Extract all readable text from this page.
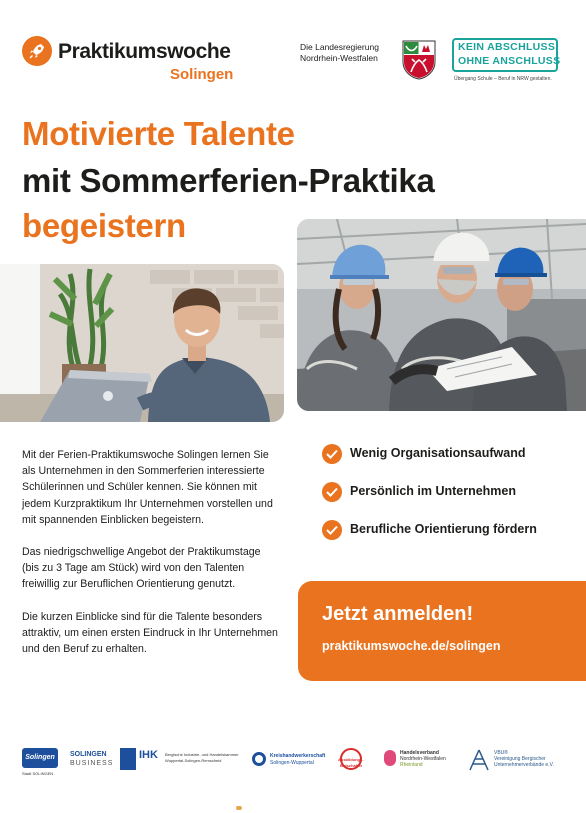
Praktikumswoche
Solingen
Die Landesregierung
Nordrhein-Westfalen
KEIN ABSCHLUSS
OHNE ANSCHLUSS
Übergang Schule – Beruf in NRW gestalten.
Motivierte Talente
mit Sommerferien-Praktika
begeistern

Mit der Ferien-Praktikumswoche Solingen lernen Sie als Unternehmen in den Sommerferien interessierte Schülerinnen und Schüler kennen. Sie können mit jedem Kurzpraktikum Ihr Unternehmen vorstellen und mit spannenden Einblicken begeistern.

Das niedrigschwellige Angebot der Praktikumstage (bis zu 3 Tage am Stück) wird von den Talenten freiwillig zur Beruflichen Orientierung genutzt.

Die kurzen Einblicke sind für die Talente besonders attraktiv, um einen ersten Eindruck in Ihr Unternehmen und den Beruf zu erhalten.

Wenig Organisationsaufwand
Persönlich im Unternehmen
Berufliche Orientierung fördern
Jetzt anmelden!
praktikumswoche.de/solingen
Solingen
Stadt SOLINGEN
SOLINGEN
BUSINESS
IHK Bergische Industrie- und Handelskammer
Wuppertal-Solingen-Remscheid
Kreishandwerkerschaft
Solingen-Wuppertal
Ausbildungs-
Botschafter
Handelsverband
Nordrhein-Westfalen
Rheinland
VBU®
Vereinigung Bergischer
Unternehmerverbände e.V.
